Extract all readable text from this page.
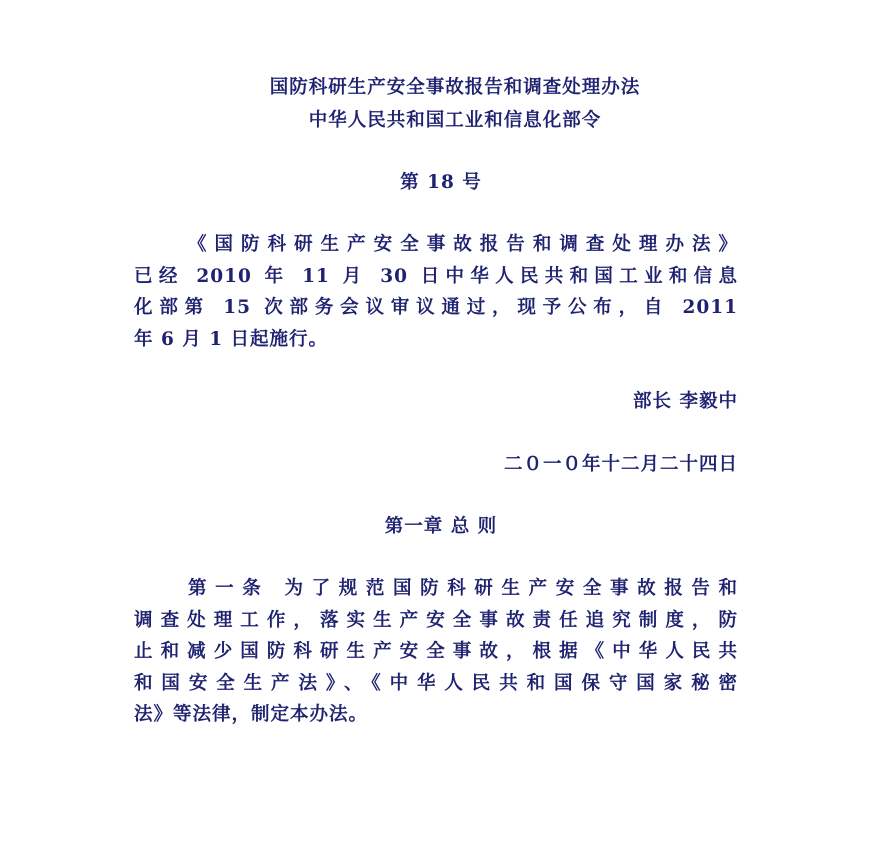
国防科研生产安全事故报告和调查处理办法
中华人民共和国工业和信息化部令
第 18 号
《国防科研生产安全事故报告和调查处理办法》
已经 2010 年 11 月 30 日中华人民共和国工业和信息
化部第 15 次部务会议审议通过，现予公布，自 2011
年 6 月 1 日起施行。
部长 李毅中
二０一０年十二月二十四日
第一章 总 则
第一条 为了规范国防科研生产安全事故报告和
调查处理工作，落实生产安全事故责任追究制度，防
止和减少国防科研生产安全事故，根据《中华人民共
和国安全生产法》、《中华人民共和国保守国家秘密
法》等法律，制定本办法。
